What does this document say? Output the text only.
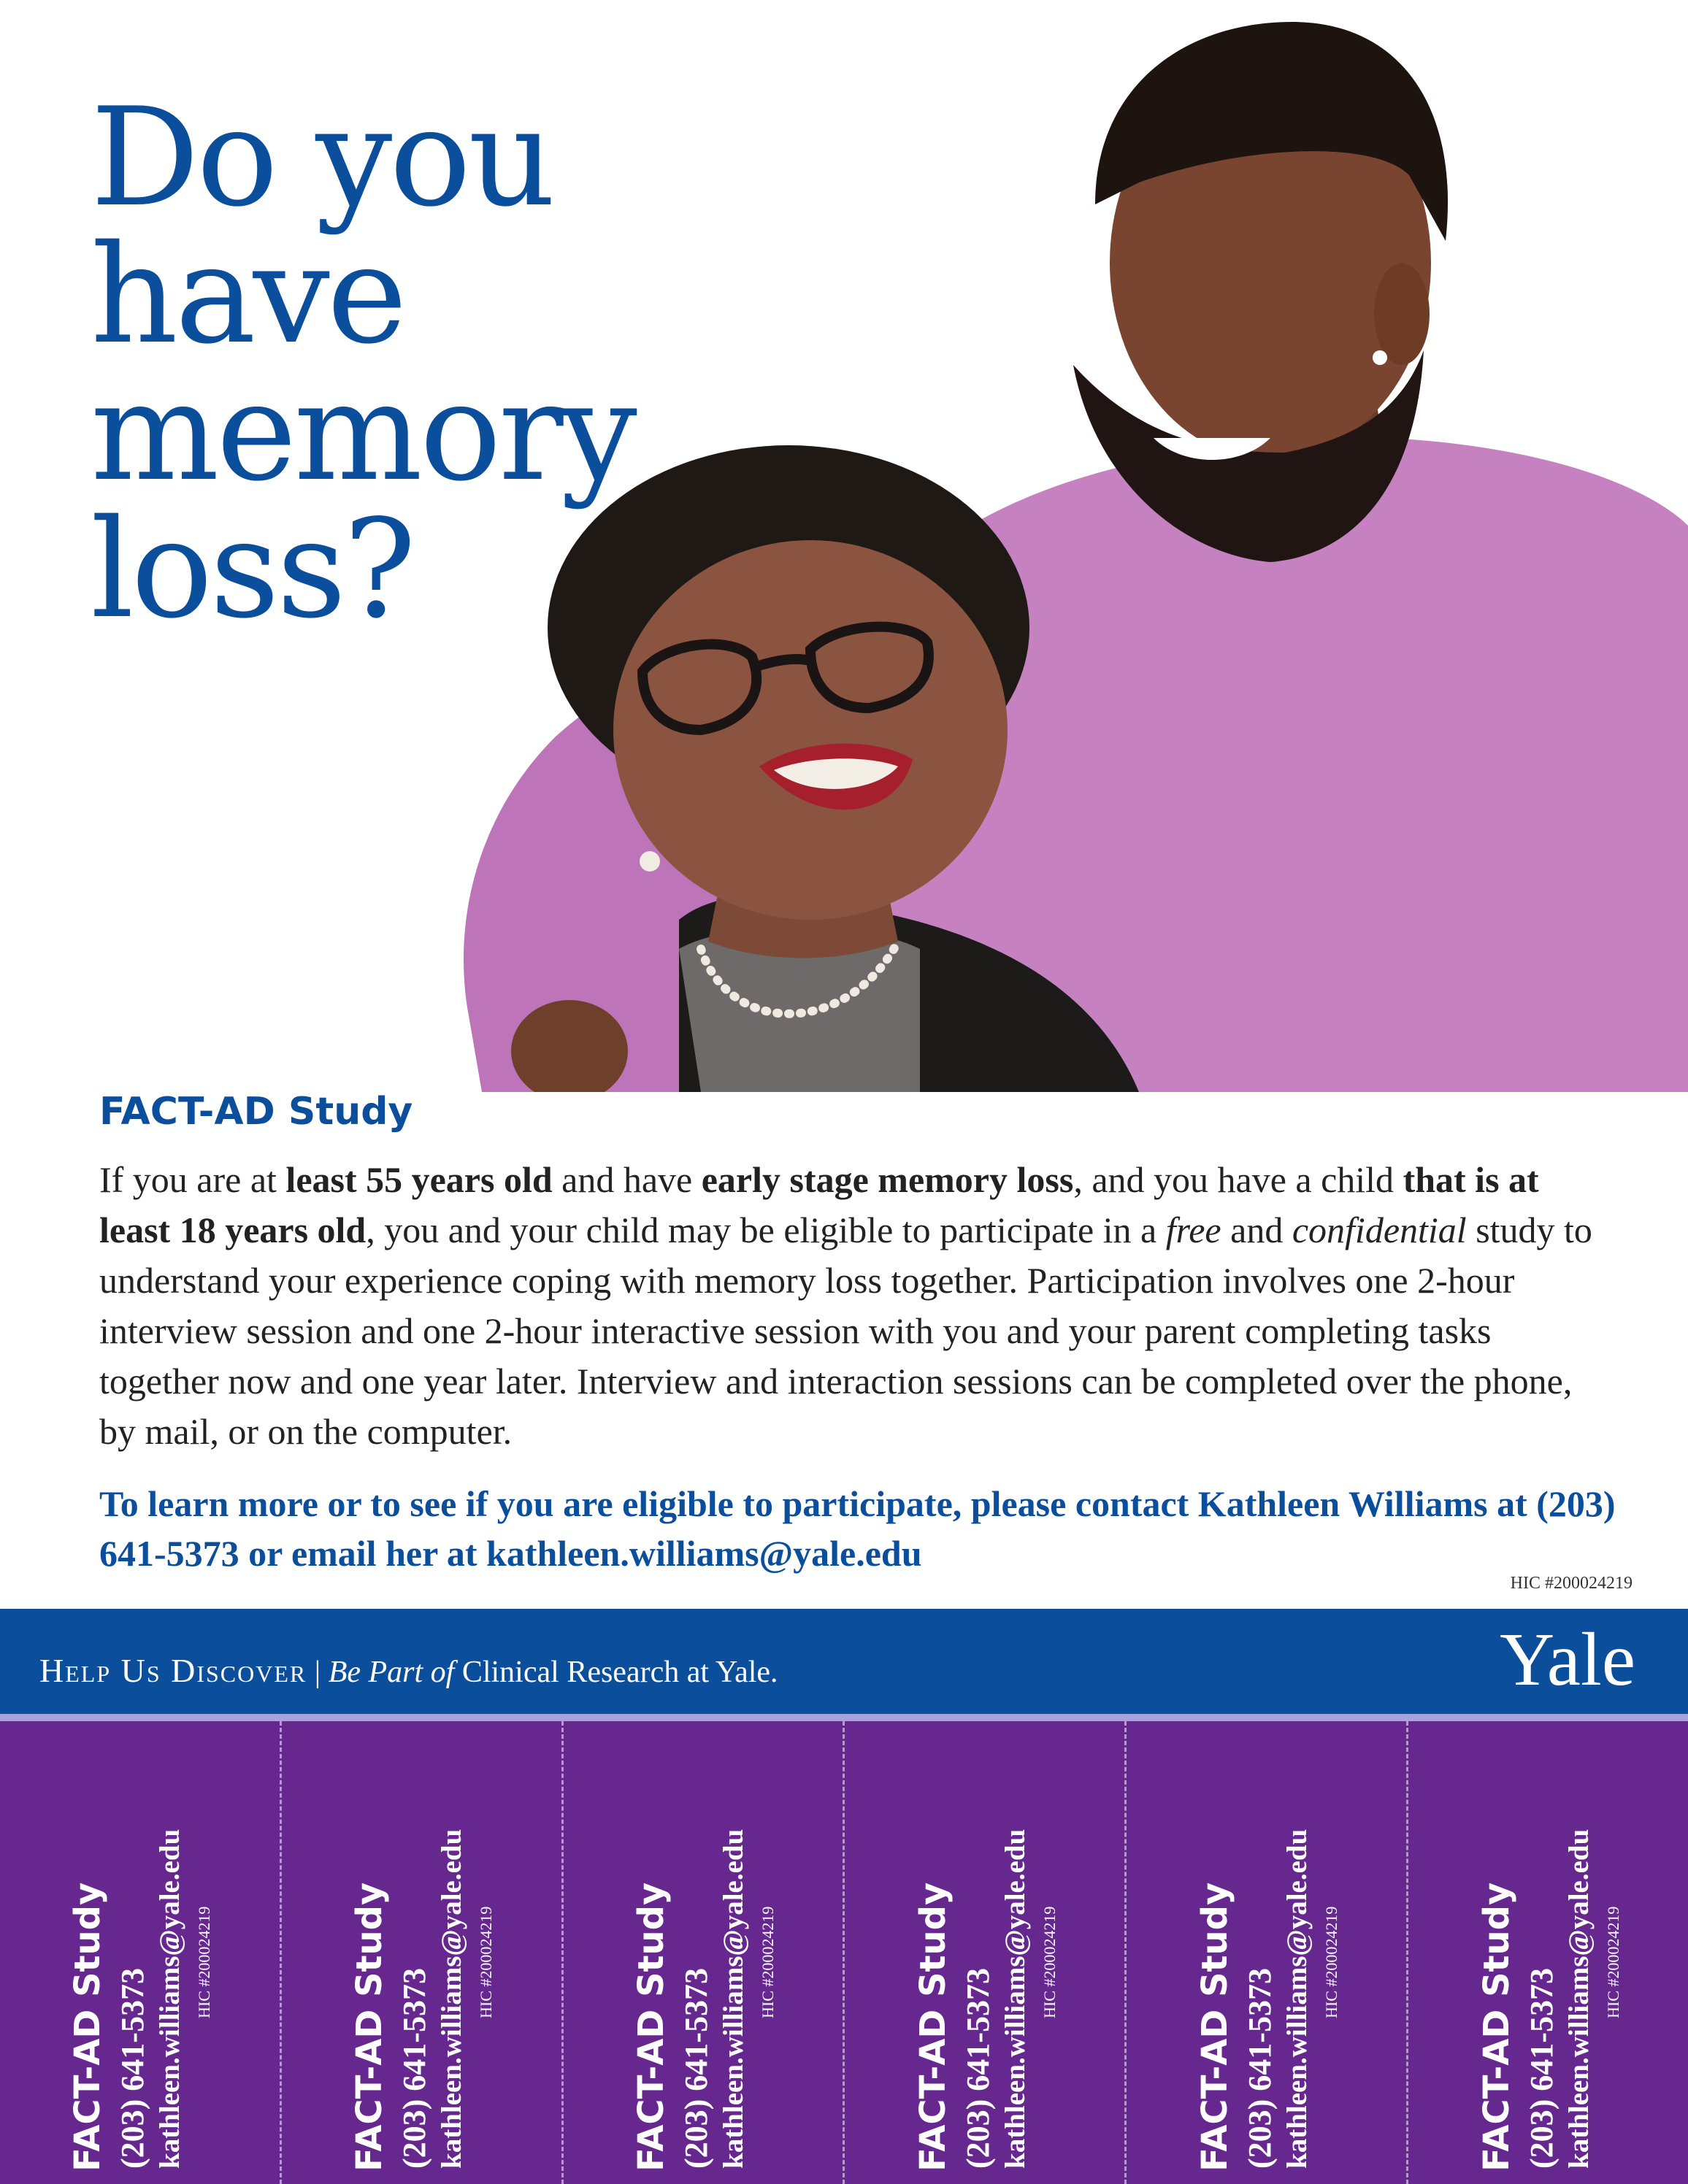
Do you have
memory loss?
FACT-AD Study

If you are at least 55 years old and have early stage memory loss, and you have a child that is at least 18 years old, you and your child may be eligible to participate in a free and confidential study to understand your experience coping with memory loss together. Participation involves one 2-hour interview session and one 2-hour interactive session with you and your parent completing tasks together now and one year later. Interview and interaction sessions can be completed over the phone, by mail, or on the computer.

To learn more or to see if you are eligible to participate, please contact Kathleen Williams at (203) 641-5373 or email her at kathleen.williams@yale.edu

HIC #200024219
Help Us Discover | Be Part of Clinical Research at Yale.	Yale
FACT-AD Study (203) 641-5373 kathleen.williams@yale.edu HIC #200024219	FACT-AD Study (203) 641-5373 kathleen.williams@yale.edu HIC #200024219	FACT-AD Study (203) 641-5373 kathleen.williams@yale.edu HIC #200024219	FACT-AD Study (203) 641-5373 kathleen.williams@yale.edu HIC #200024219	FACT-AD Study (203) 641-5373 kathleen.williams@yale.edu HIC #200024219	FACT-AD Study (203) 641-5373 kathleen.williams@yale.edu HIC #200024219
